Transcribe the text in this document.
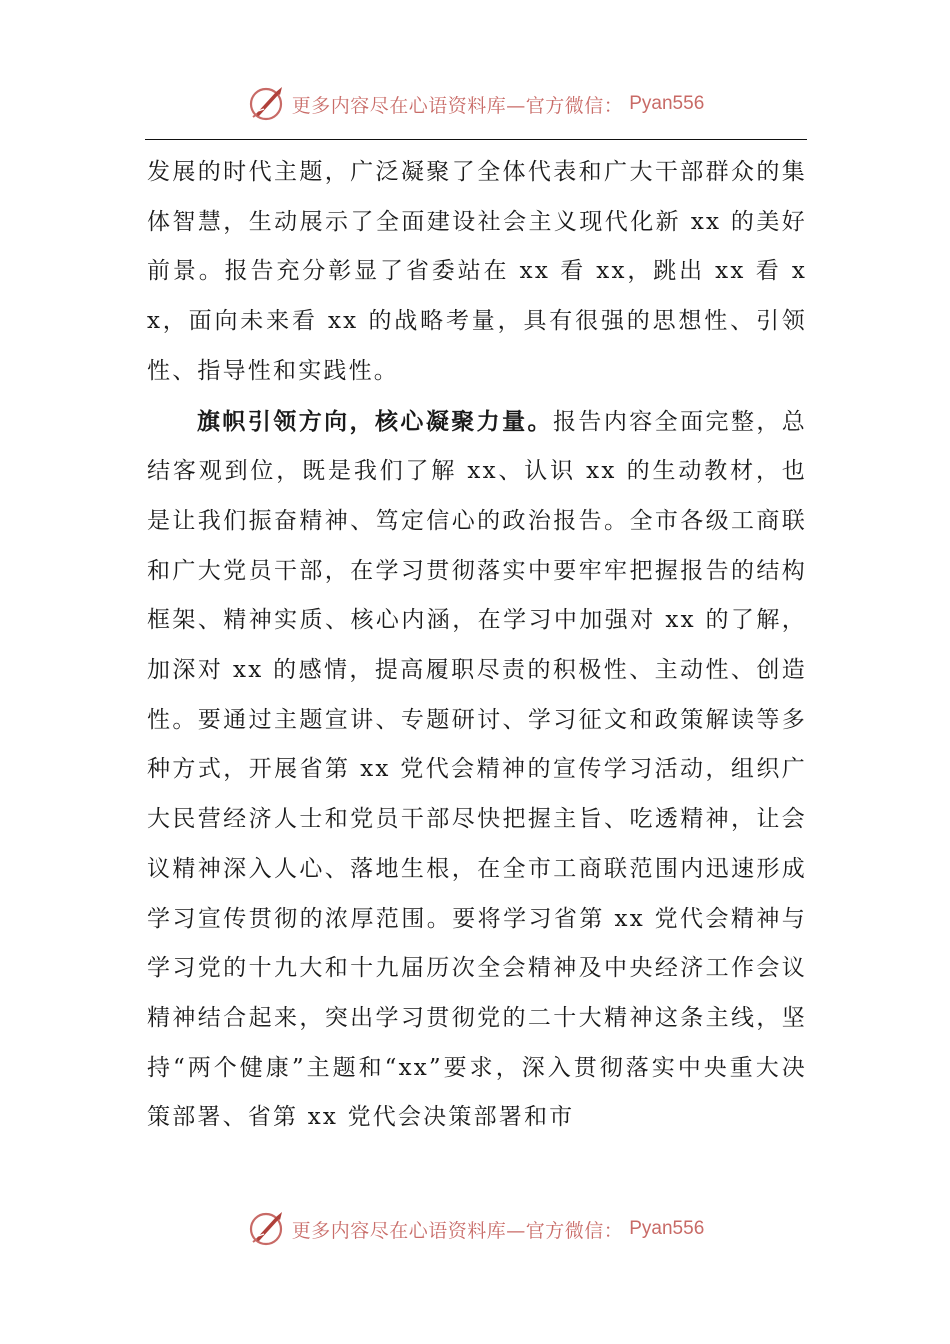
更多内容尽在心语资料库—官方微信： Pyan556

发展的时代主题，广泛凝聚了全体代表和广大干部群众的集体智慧，生动展示了全面建设社会主义现代化新 xx 的美好前景。报告充分彰显了省委站在 xx 看 xx，跳出 xx 看 xx，面向未来看 xx 的战略考量，具有很强的思想性、引领性、指导性和实践性。

旗帜引领方向，核心凝聚力量。报告内容全面完整，总结客观到位，既是我们了解 xx、认识 xx 的生动教材，也是让我们振奋精神、笃定信心的政治报告。全市各级工商联和广大党员干部，在学习贯彻落实中要牢牢把握报告的结构框架、精神实质、核心内涵，在学习中加强对 xx 的了解，加深对 xx 的感情，提高履职尽责的积极性、主动性、创造性。要通过主题宣讲、专题研讨、学习征文和政策解读等多种方式，开展省第 xx 党代会精神的宣传学习活动，组织广大民营经济人士和党员干部尽快把握主旨、吃透精神，让会议精神深入人心、落地生根，在全市工商联范围内迅速形成学习宣传贯彻的浓厚范围。要将学习省第 xx 党代会精神与学习党的十九大和十九届历次全会精神及中央经济工作会议精神结合起来，突出学习贯彻党的二十大精神这条主线，坚持“两个健康”主题和“xx”要求，深入贯彻落实中央重大决策部署、省第 xx 党代会决策部署和市

更多内容尽在心语资料库—官方微信： Pyan556
